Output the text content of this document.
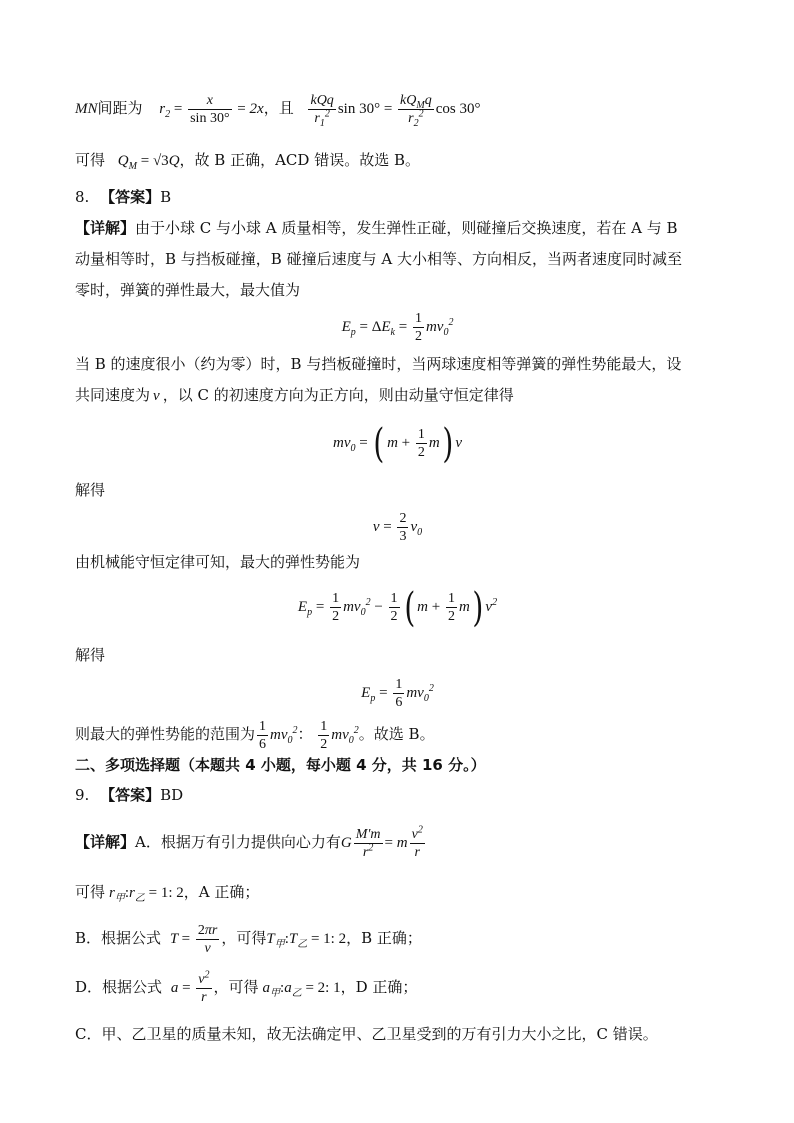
MN间距为 $r_2 = \frac{x}{\sin 30^\circ} = 2x$，且 $\frac{\text{kQq}}{r_1^2}$ $\sin 30^\circ = \frac{kQ_Mq}{r_2^2}$ cos 30°
可得 $Q_M = √3Q$，故 B 正确，ACD 错误。故选 B。
8. 【答案】B
【详解】由于小球 C 与小球 A 质量相等，发生弹性正碰，则碰撞后交换速度，若在 A 与 B
动量相等时，B 与挡板碰撞，B 碰撞后速度与 A 大小相等、方向相反，当两者速度同时减至
零时，弹簧的弹性最大，最大值为
$E_p = \Delta E_k = \frac{1}{2} mv_0^2$
当 B 的速度很小（约为零）时，B 与挡板碰撞时，当两球速度相等弹簧的弹性势能最大，设
共同速度为 v ，以 C 的初速度方向为正方向，则由动量守恒定律得
$mv_0$ = ( $m + \frac{1}{2} m$) v
解得
$v = \frac{2}{3} v_0$
由机械能守恒定律可知，最大的弹性势能为
$E_p = \frac{1}{2} mv_0^2 - \frac{1}{2}$ ( $m + \frac{1}{2} m$) $v^2$
解得
$E_p = \frac{1}{6} mv_0^2$
则最大的弹性势能的范围为 $\frac{1}{6} mv_0^2$： $\frac{1}{2} mv_0^2$。故选 B。
二、多项选择题（本题共 4 小题，每小题 4 分，共 16 分。）
9. 【答案】BD
【详解】A．根据万有引力提供向心力有G $\frac{M'm}{r^2} = m \frac{v^2}{r}$
可得 $r_甲:r_乙 = 1$: 2，A 正确；
B．根据公式 $T = \frac{2\pi r}{v}$ ，可得$T_甲:T_乙 = 1$: 2，B 正确；
D．根据公式 $a = \frac{v^2}{r}$ ，可得 $a_甲:a_乙 = 2$: 1，D 正确；
C．甲、乙卫星的质量未知，故无法确定甲、乙卫星受到的万有引力大小之比，C 错误。
